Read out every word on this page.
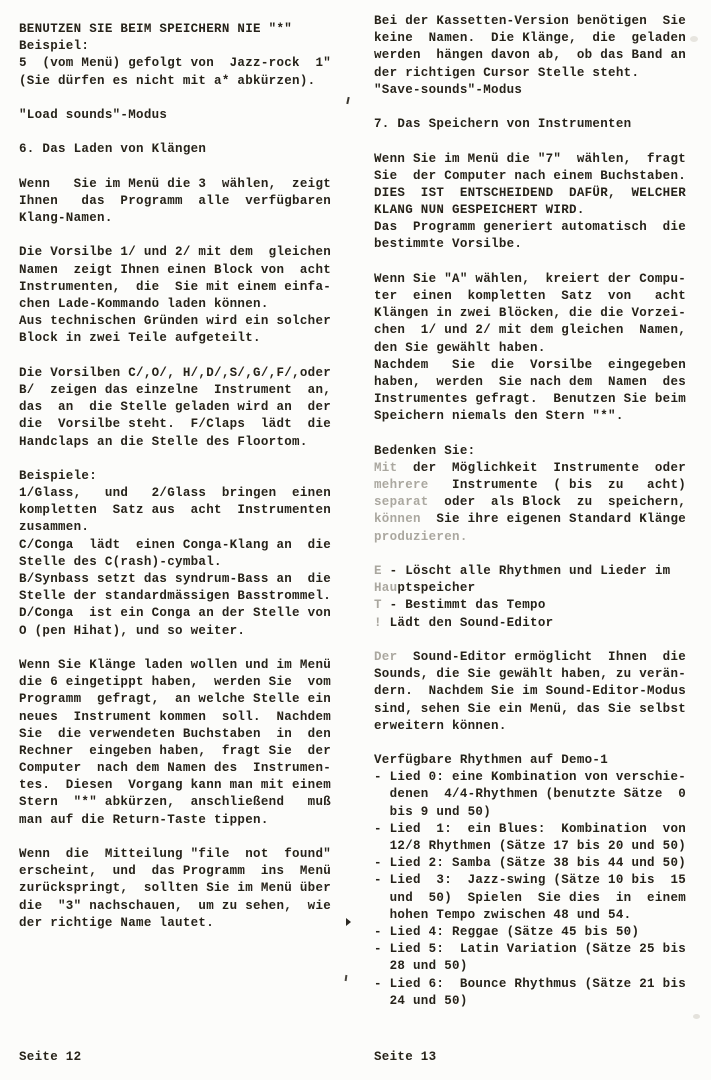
BENUTZEN SIE BEIM SPEICHERN NIE "*"
Beispiel:
5  (vom Menü) gefolgt von  Jazz-rock  1"
(Sie dürfen es nicht mit a* abkürzen).
"Load sounds"-Modus
6. Das Laden von Klängen
Wenn   Sie im Menü die 3  wählen,  zeigt
Ihnen   das  Programm  alle  verfügbaren
Klang-Namen.
Die Vorsilbe 1/ und 2/ mit dem  gleichen
Namen  zeigt Ihnen einen Block von  acht
Instrumenten,  die  Sie mit einem einfa-
chen Lade-Kommando laden können.
Aus technischen Gründen wird ein solcher
Block in zwei Teile aufgeteilt.
Die Vorsilben C/,O/, H/,D/,S/,G/,F/,oder
B/  zeigen das einzelne  Instrument  an,
das  an  die Stelle geladen wird an  der
die  Vorsilbe steht.  F/Claps  lädt  die
Handclaps an die Stelle des Floortom.
Beispiele:
1/Glass,   und   2/Glass  bringen  einen
kompletten  Satz aus  acht  Instrumenten
zusammen.
C/Conga  lädt  einen Conga-Klang an  die
Stelle des C(rash)-cymbal.
B/Synbass setzt das syndrum-Bass an  die
Stelle der standardmässigen Basstrommel.
D/Conga  ist ein Conga an der Stelle von
O (pen Hihat), und so weiter.
Wenn Sie Klänge laden wollen und im Menü
die 6 eingetippt haben,  werden Sie  vom
Programm  gefragt,  an welche Stelle ein
neues  Instrument kommen  soll.  Nachdem
Sie  die verwendeten Buchstaben  in  den
Rechner  eingeben haben,  fragt Sie  der
Computer  nach dem Namen des  Instrumen-
tes.  Diesen  Vorgang kann man mit einem
Stern  "*" abkürzen,  anschließend   muß
man auf die Return-Taste tippen.
Wenn  die  Mitteilung "file  not  found"
erscheint,  und  das Programm  ins  Menü
zurückspringt,  sollten Sie im Menü über
die  "3" nachschauen,  um zu sehen,  wie
der richtige Name lautet.
Bei der Kassetten-Version benötigen  Sie
keine  Namen.  Die Klänge,  die  geladen
werden  hängen davon ab,  ob das Band an
der richtigen Cursor Stelle steht.
"Save-sounds"-Modus
7. Das Speichern von Instrumenten
Wenn Sie im Menü die "7"  wählen,  fragt
Sie  der Computer nach einem Buchstaben.
DIES  IST  ENTSCHEIDEND  DAFÜR,  WELCHER
KLANG NUN GESPEICHERT WIRD.
Das  Programm generiert automatisch  die
bestimmte Vorsilbe.
Wenn Sie "A" wählen,  kreiert der Compu-
ter  einen  kompletten  Satz  von   acht
Klängen in zwei Blöcken, die die Vorzei-
chen  1/ und 2/ mit dem gleichen  Namen,
den Sie gewählt haben.
Nachdem   Sie  die  Vorsilbe  eingegeben
haben,  werden  Sie nach dem  Namen  des
Instrumentes gefragt.  Benutzen Sie beim
Speichern niemals den Stern "*".
Bedenken Sie:
Mit  der  Möglichkeit  Instrumente  oder
mehrere   Instrumente  ( bis  zu   acht)
separat  oder  als Block  zu  speichern,
können  Sie ihre eigenen Standard Klänge
produzieren.
E - Löscht alle Rhythmen und Lieder im
Hauptspeicher
T - Bestimmt das Tempo
! Lädt den Sound-Editor
Der  Sound-Editor ermöglicht  Ihnen  die
Sounds, die Sie gewählt haben, zu verän-
dern.  Nachdem Sie im Sound-Editor-Modus
sind, sehen Sie ein Menü, das Sie selbst
erweitern können.
Verfügbare Rhythmen auf Demo-1
- Lied 0: eine Kombination von verschie-
denen  4/4-Rhythmen (benutzte Sätze  0
bis 9 und 50)
- Lied  1:  ein Blues:  Kombination  von
12/8 Rhythmen (Sätze 17 bis 20 und 50)
- Lied 2: Samba (Sätze 38 bis 44 und 50)
- Lied  3:  Jazz-swing (Sätze 10 bis  15
und  50)  Spielen  Sie dies  in  einem
hohen Tempo zwischen 48 und 54.
- Lied 4: Reggae (Sätze 45 bis 50)
- Lied 5:  Latin Variation (Sätze 25 bis
28 und 50)
- Lied 6:  Bounce Rhythmus (Sätze 21 bis
24 und 50)
Seite 12	Seite 13
